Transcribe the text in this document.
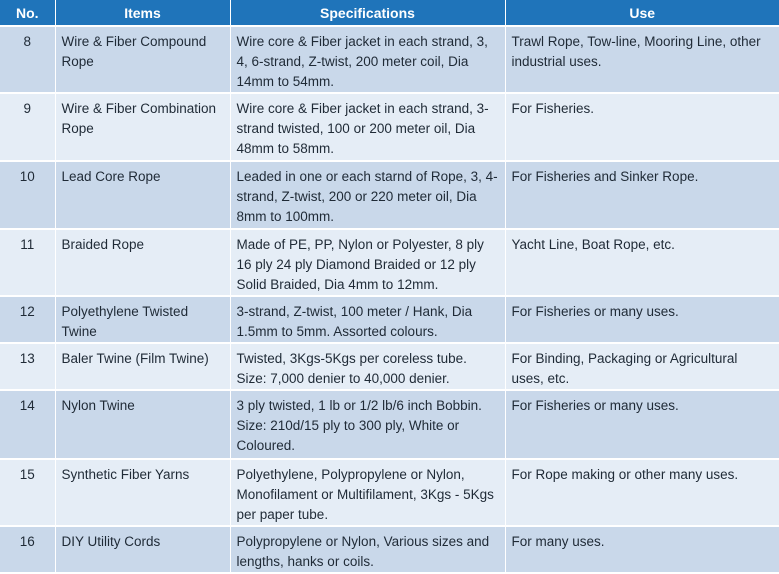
No.	Items	Specifications	Use
8	Wire & Fiber Compound Rope	Wire core & Fiber jacket in each strand, 3, 4, 6-strand, Z-twist, 200 meter coil, Dia 14mm to 54mm.	Trawl Rope, Tow-line, Mooring Line, other industrial uses.
9	Wire & Fiber Combination Rope	Wire core & Fiber jacket in each strand, 3-strand twisted, 100 or 200 meter oil, Dia 48mm to 58mm.	For Fisheries.
10	Lead Core Rope	Leaded in one or each starnd of Rope, 3, 4-strand, Z-twist, 200 or 220 meter oil, Dia 8mm to 100mm.	For Fisheries and Sinker Rope.
11	Braided Rope	Made of PE, PP, Nylon or Polyester, 8 ply 16 ply 24 ply Diamond Braided or 12 ply Solid Braided, Dia 4mm to 12mm.	Yacht Line, Boat Rope, etc.
12	Polyethylene Twisted Twine	3-strand, Z-twist, 100 meter / Hank, Dia 1.5mm to 5mm. Assorted colours.	For Fisheries or many uses.
13	Baler Twine (Film Twine)	Twisted, 3Kgs-5Kgs per coreless tube. Size: 7,000 denier to 40,000 denier.	For Binding, Packaging or Agricultural uses, etc.
14	Nylon Twine	3 ply twisted, 1 lb or 1/2 lb/6 inch Bobbin. Size: 210d/15 ply to 300 ply, White or Coloured.	For Fisheries or many uses.
15	Synthetic Fiber Yarns	Polyethylene, Polypropylene or Nylon, Monofilament or Multifilament, 3Kgs - 5Kgs per paper tube.	For Rope making or other many uses.
16	DIY Utility Cords	Polypropylene or Nylon, Various sizes and lengths, hanks or coils.	For many uses.
